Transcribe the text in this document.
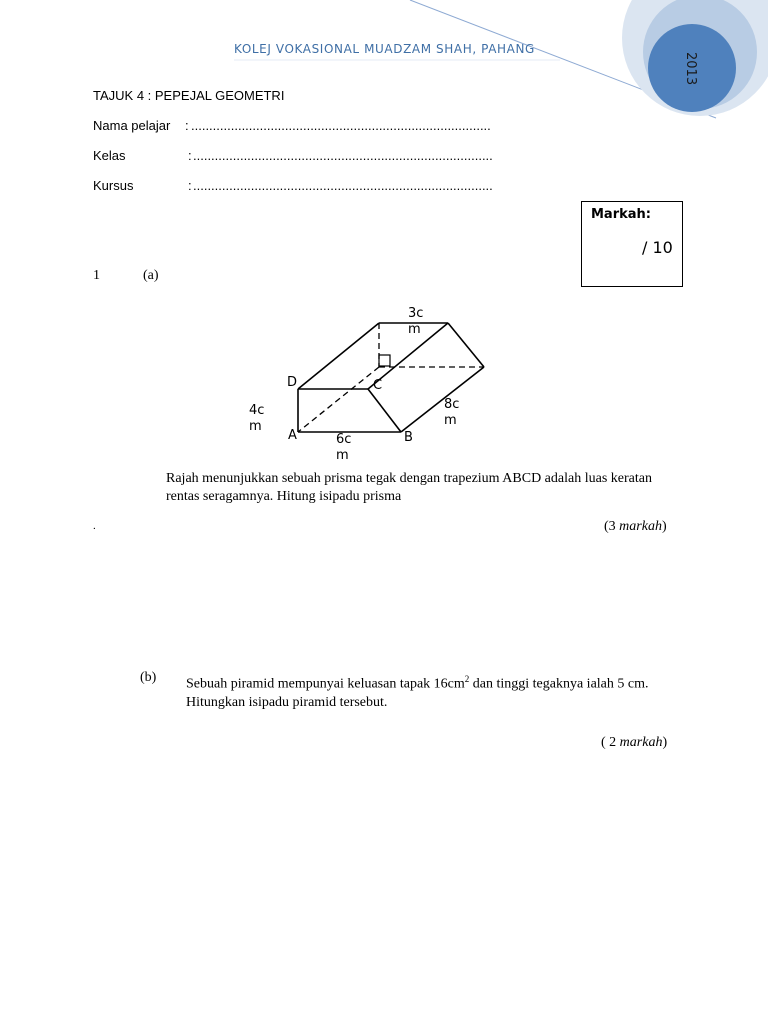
2013
KOLEJ VOKASIONAL MUADZAM SHAH, PAHANG
TAJUK 4 : PEPEJAL GEOMETRI
Nama pelajar : ...................................................................................
Kelas	: ...................................................................................
Kursus	: ...................................................................................
Markah:
/ 10
1	(a)
3c m
D	C
4c m
8c m
A	B
6c m
Rajah menunjukkan sebuah prisma tegak dengan trapezium ABCD adalah luas keratan rentas seragamnya. Hitung isipadu prisma
.	(3 markah)
(b) Sebuah piramid mempunyai keluasan tapak $16cm^2$ dan tinggi tegaknya ialah 5 cm. Hitungkan isipadu piramid tersebut.
( 2 markah)
